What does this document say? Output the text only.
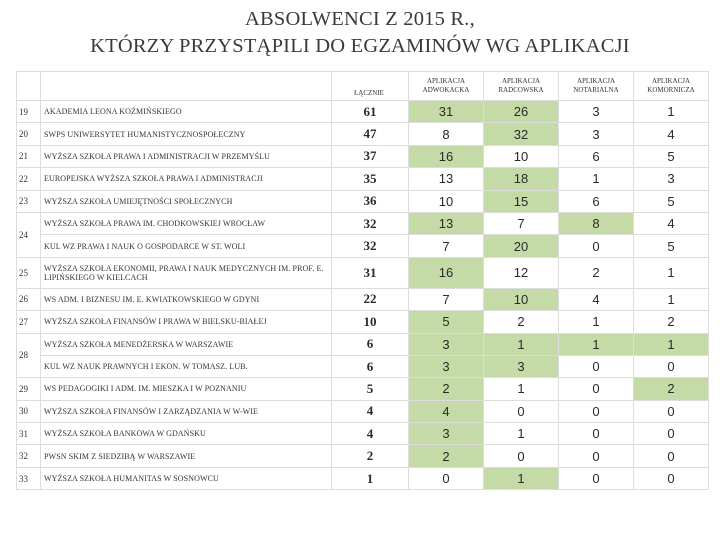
ABSOLWENCI Z 2015 R.,
KTÓRZY PRZYSTĄPILI DO EGZAMINÓW WG APLIKACJI
		ŁĄCZNIE	APLIKACJA ADWOKACKA	APLIKACJA RADCOWSKA	APLIKACJA NOTARIALNA	APLIKACJA KOMORNICZA
19	AKADEMIA LEONA KOŹMIŃSKIEGO	61	31	26	3	1
20	SWPS UNIWERSYTET HUMANISTYCZNOSPOŁECZNY	47	8	32	3	4
21	WYŻSZA SZKOŁA PRAWA I ADMINISTRACJI W PRZEMYŚLU	37	16	10	6	5
22	EUROPEJSKA WYŻSZA SZKOŁA PRAWA I ADMINISTRACJI	35	13	18	1	3
23	WYŻSZA SZKOŁA UMIEJĘTNOŚCI SPOŁECZNYCH	36	10	15	6	5
24	WYŻSZA SZKOŁA PRAWA IM. CHODKOWSKIEJ WROCŁAW	32	13	7	8	4
	KUL WZ PRAWA I NAUK O GOSPODARCE W ST. WOLI	32	7	20	0	5
25	WYŻSZA SZKOŁA EKONOMII, PRAWA I NAUK MEDYCZNYCH IM. PROF. E. LIPIŃSKIEGO W KIELCACH	31	16	12	2	1
26	WS ADM. I BIZNESU IM. E. KWIATKOWSKIEGO W GDYNI	22	7	10	4	1
27	WYŻSZA SZKOŁA FINANSÓW I PRAWA W BIELSKU-BIAŁEJ	10	5	2	1	2
28	WYŻSZA SZKOŁA MENEDŻERSKA W WARSZAWIE	6	3	1	1	1
	KUL WZ NAUK PRAWNYCH I EKON. W TOMASZ. LUB.	6	3	3	0	0
29	WS PEDAGOGIKI I ADM. IM. MIESZKA I W POZNANIU	5	2	1	0	2
30	WYŻSZA SZKOŁA FINANSÓW I ZARZĄDZANIA W W-WIE	4	4	0	0	0
31	WYŻSZA SZKOŁA BANKOWA W GDAŃSKU	4	3	1	0	0
32	PWSN SKIM Z SIEDZIBĄ W WARSZAWIE	2	2	0	0	0
33	WYŻSZA SZKOŁA HUMANITAS W SOSNOWCU	1	0	1	0	0
